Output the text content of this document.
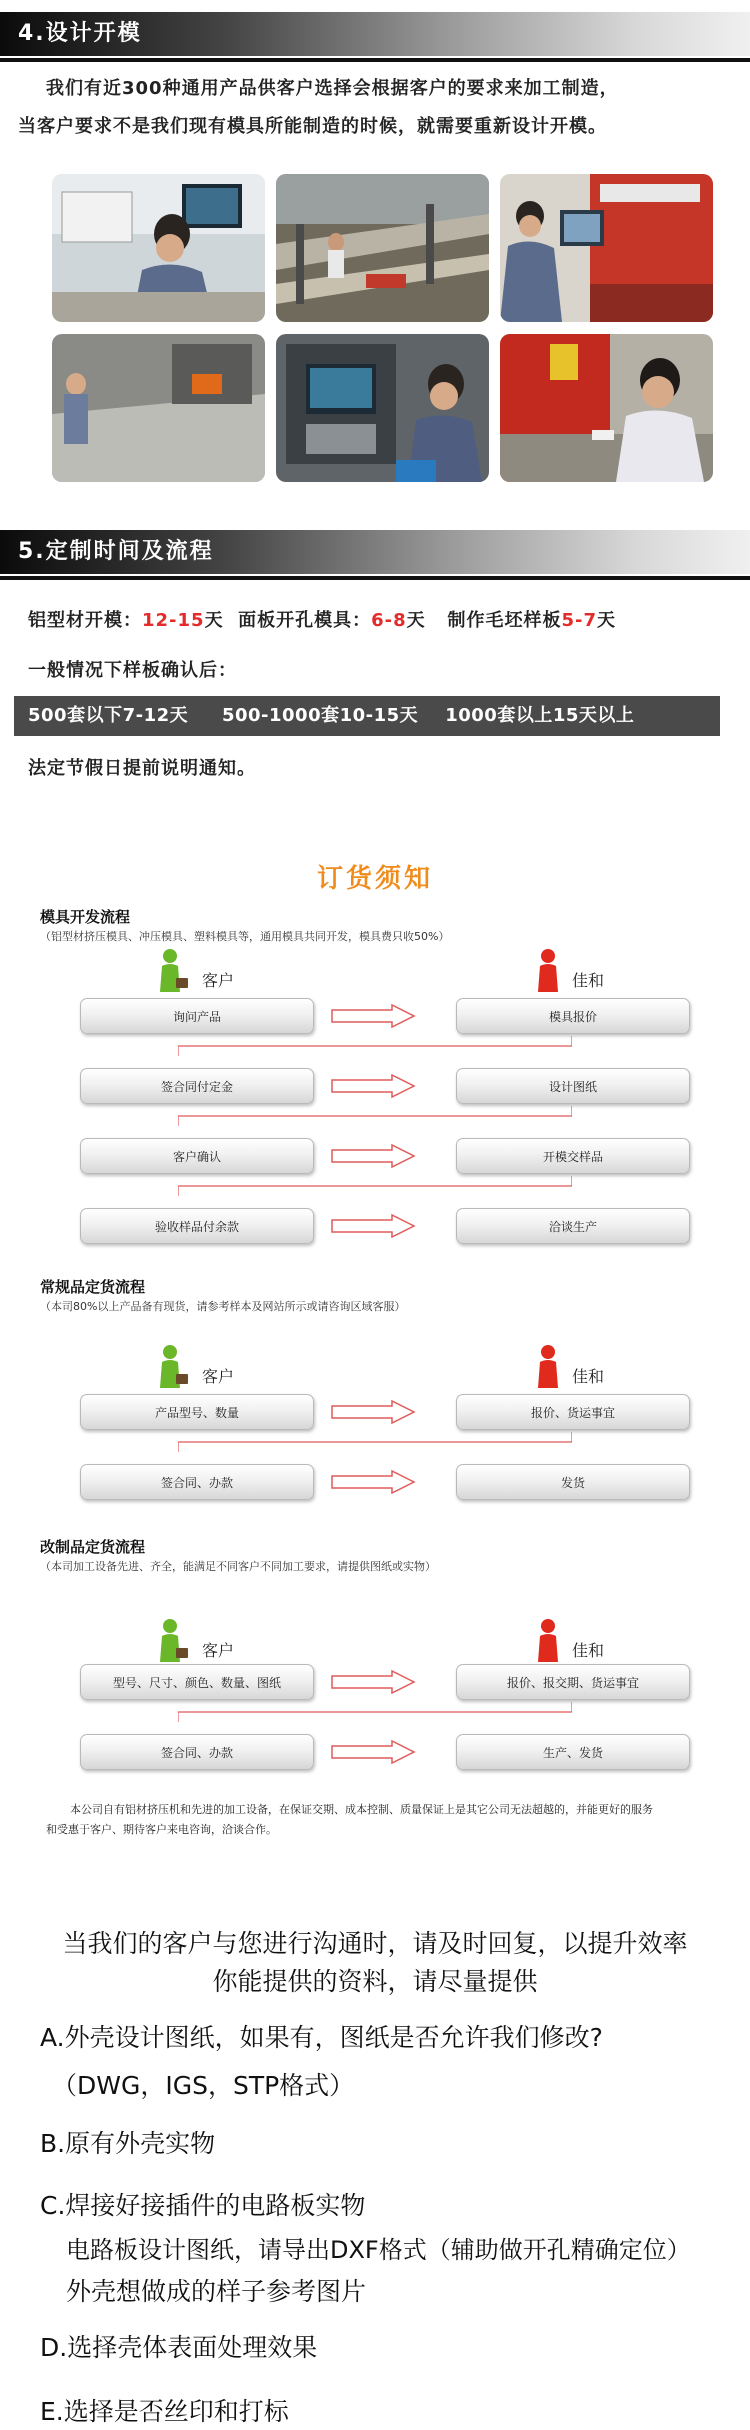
4.设计开模
我们有近300种通用产品供客户选择会根据客户的要求来加工制造，
当客户要求不是我们现有模具所能制造的时候，就需要重新设计开模。
5.定制时间及流程
铝型材开模：12-15天  面板开孔模具：6-8天   制作毛坯样板5-7天
一般情况下样板确认后：
500套以下7-12天     500-1000套10-15天    1000套以上15天以上
法定节假日提前说明通知。
订货须知
模具开发流程
（铝型材挤压模具、冲压模具、塑料模具等，通用模具共同开发，模具费只收50%）
客户	佳和
询问产品	模具报价
签合同付定金	设计图纸
客户确认	开模交样品
验收样品付余款	洽谈生产
常规品定货流程
（本司80%以上产品备有现货，请参考样本及网站所示或请咨询区域客服）
客户	佳和
产品型号、数量	报价、货运事宜
签合同、办款	发货
改制品定货流程
（本司加工设备先进、齐全，能满足不同客户不同加工要求，请提供图纸或实物）
客户	佳和
型号、尺寸、颜色、数量、图纸	报价、报交期、货运事宜
签合同、办款	生产、发货
本公司自有铝材挤压机和先进的加工设备，在保证交期、成本控制、质量保证上是其它公司无法超越的，并能更好的服务
和受惠于客户、期待客户来电咨询，洽谈合作。
当我们的客户与您进行沟通时，请及时回复，以提升效率
你能提供的资料，请尽量提供
A.外壳设计图纸，如果有，图纸是否允许我们修改?
（DWG，IGS，STP格式）
B.原有外壳实物
C.焊接好接插件的电路板实物
电路板设计图纸，请导出DXF格式（辅助做开孔精确定位）
外壳想做成的样子参考图片
D.选择壳体表面处理效果
E.选择是否丝印和打标
